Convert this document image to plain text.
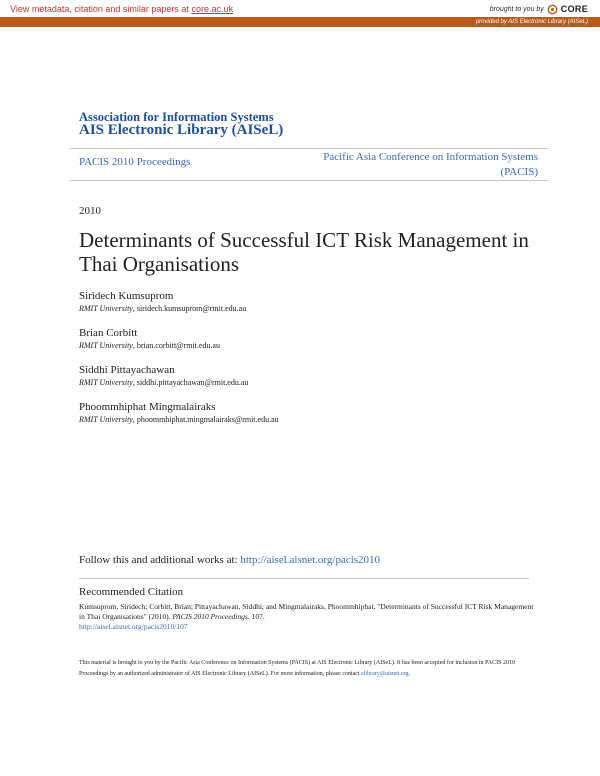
View metadata, citation and similar papers at core.ac.uk	brought to you by CORE
provided by AIS Electronic Library (AISeL)
Association for Information Systems
AIS Electronic Library (AISeL)
PACIS 2010 Proceedings	Pacific Asia Conference on Information Systems
(PACIS)
2010
Determinants of Successful ICT Risk Management in Thai Organisations
Siridech Kumsuprom
RMIT University, siridech.kumsuprom@rmit.edu.au
Brian Corbitt
RMIT University, brian.corbitt@rmit.edu.au
Siddhi Pittayachawan
RMIT University, siddhi.pittayachawan@rmit.edu.au
Phoommhiphat Mingmalairaks
RMIT University, phoommhiphat.mingmalairaks@rmit.edu.au
Follow this and additional works at: http://aisel.aisnet.org/pacis2010
Recommended Citation
Kumsuprom, Siridech; Corbitt, Brian; Pittayachawan, Siddhi; and Mingmalairaks, Phoommhiphat, "Determinants of Successful ICT Risk Management in Thai Organisations" (2010). PACIS 2010 Proceedings. 107.
http://aisel.aisnet.org/pacis2010/107
This material is brought to you by the Pacific Asia Conference on Information Systems (PACIS) at AIS Electronic Library (AISeL). It has been accepted for inclusion in PACIS 2010 Proceedings by an authorized administrator of AIS Electronic Library (AISeL). For more information, please contact elibrary@aisnet.org.
